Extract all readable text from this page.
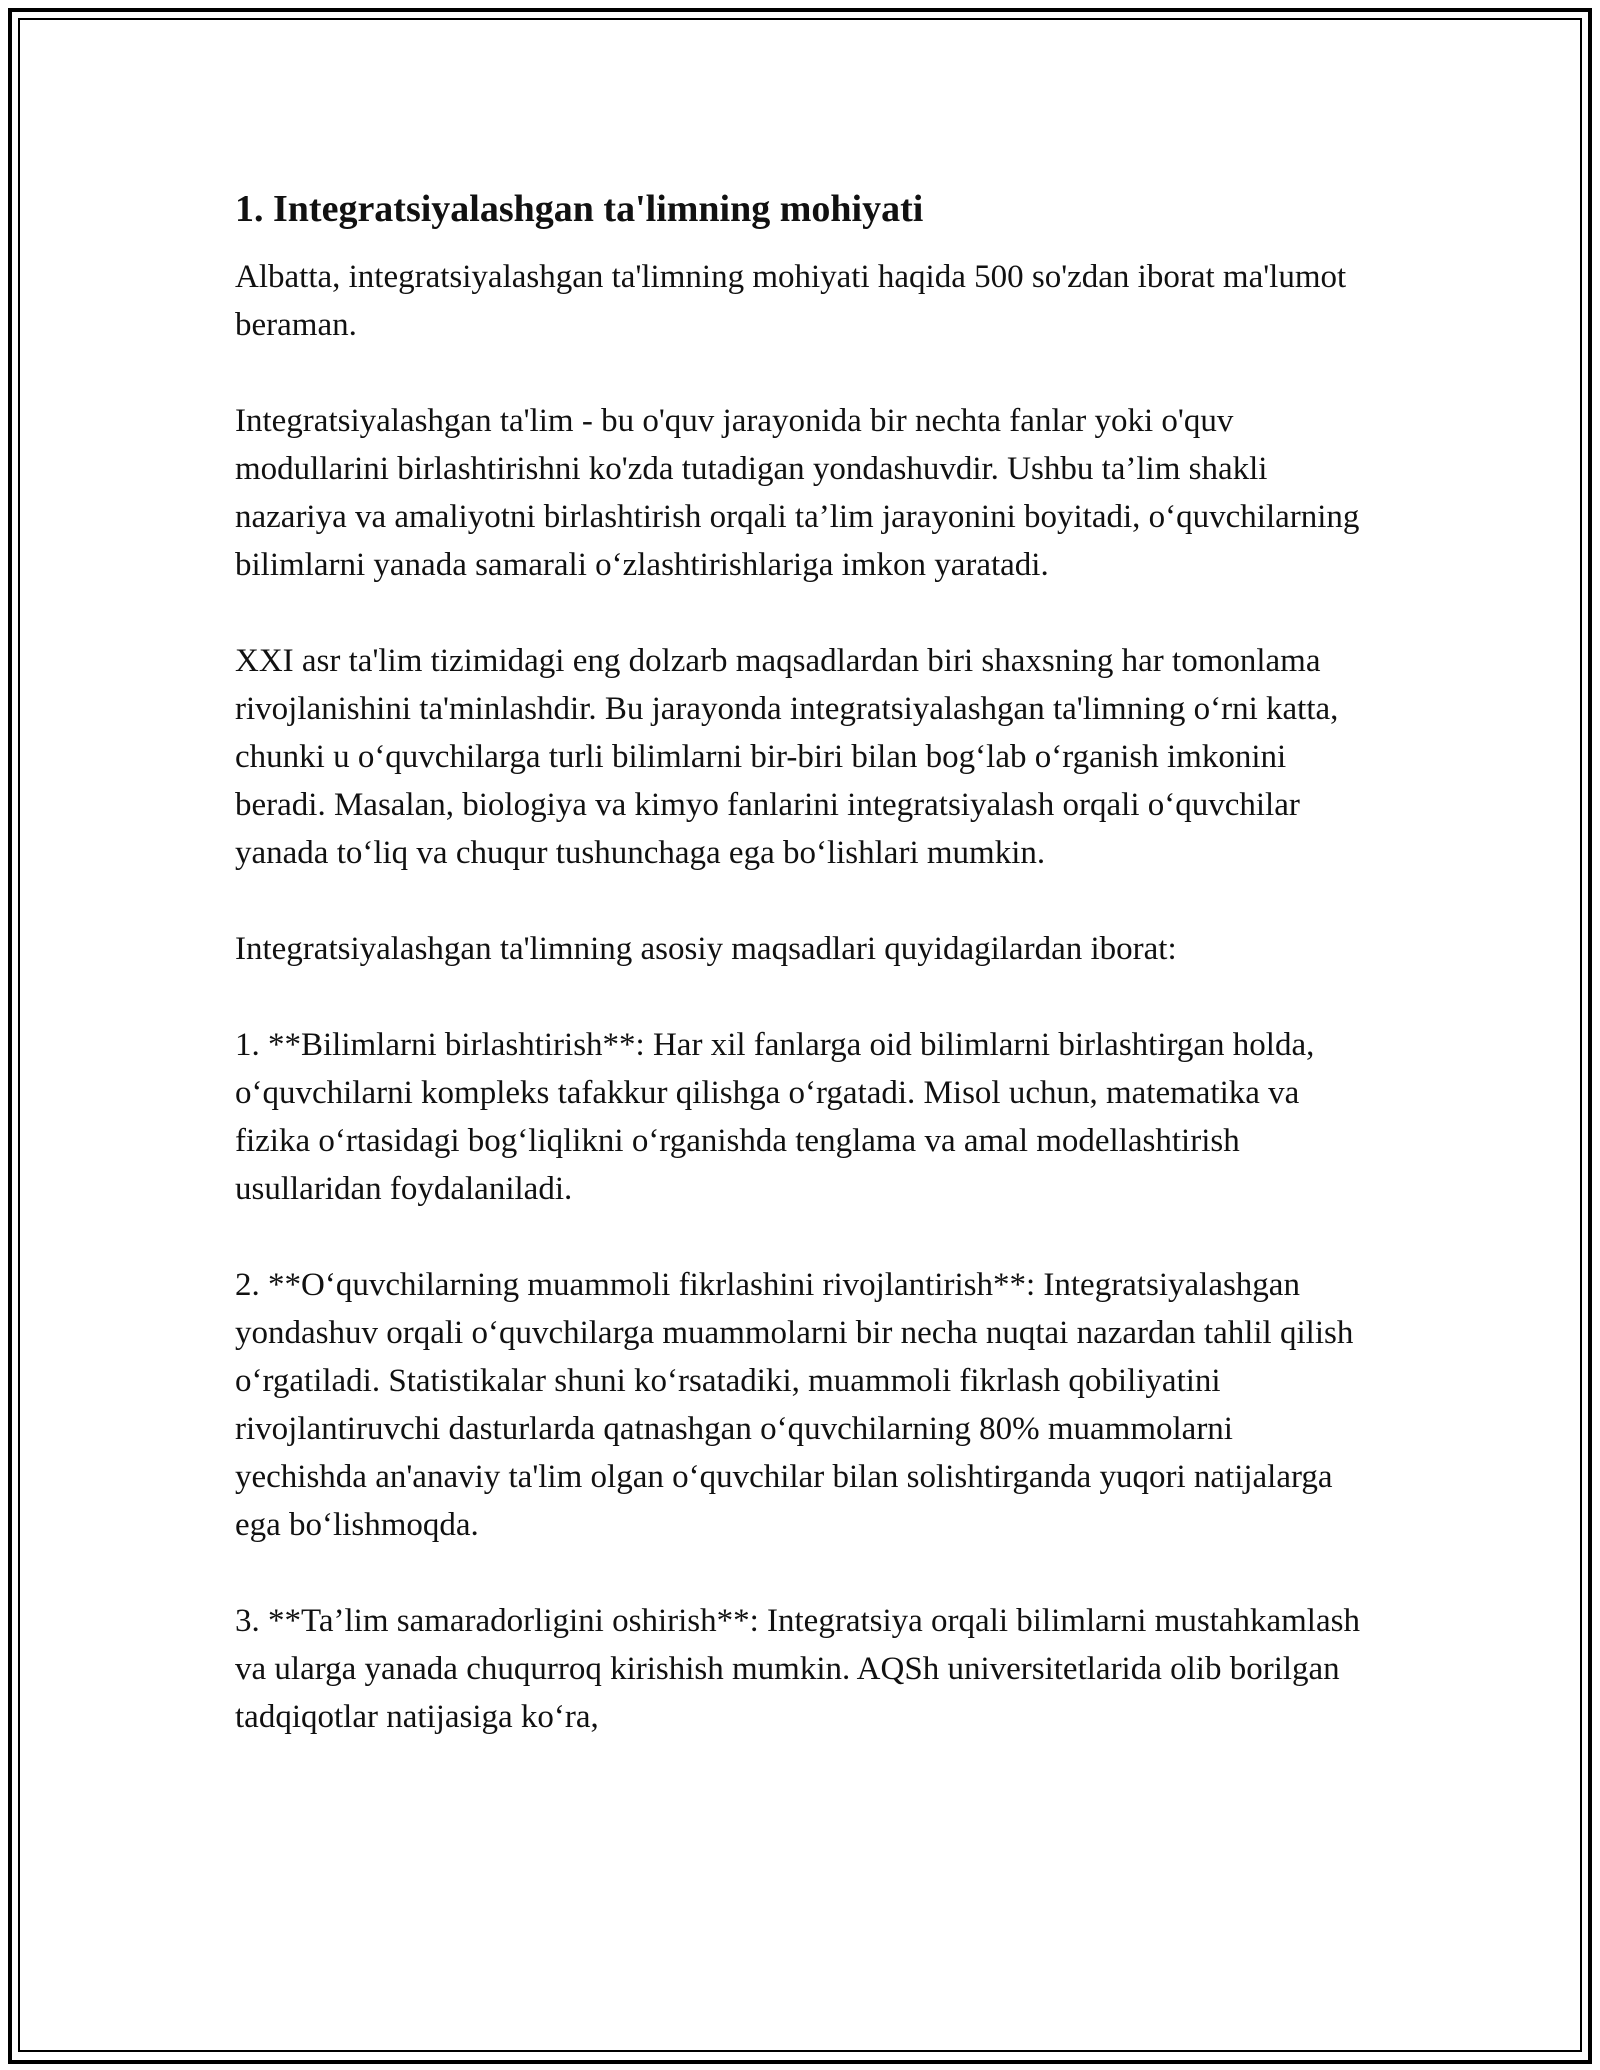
1. Integratsiyalashgan ta'limning mohiyati

Albatta, integratsiyalashgan ta'limning mohiyati haqida 500 so'zdan iborat ma'lumot beraman.

Integratsiyalashgan ta'lim - bu o'quv jarayonida bir nechta fanlar yoki o'quv modullarini birlashtirishni ko'zda tutadigan yondashuvdir. Ushbu ta’lim shakli nazariya va amaliyotni birlashtirish orqali ta’lim jarayonini boyitadi, o‘quvchilarning bilimlarni yanada samarali o‘zlashtirishlariga imkon yaratadi.

XXI asr ta'lim tizimidagi eng dolzarb maqsadlardan biri shaxsning har tomonlama rivojlanishini ta'minlashdir. Bu jarayonda integratsiyalashgan ta'limning o‘rni katta, chunki u o‘quvchilarga turli bilimlarni bir-biri bilan bog‘lab o‘rganish imkonini beradi. Masalan, biologiya va kimyo fanlarini integratsiyalash orqali o‘quvchilar yanada to‘liq va chuqur tushunchaga ega bo‘lishlari mumkin.

Integratsiyalashgan ta'limning asosiy maqsadlari quyidagilardan iborat:

1. **Bilimlarni birlashtirish**: Har xil fanlarga oid bilimlarni birlashtirgan holda, o‘quvchilarni kompleks tafakkur qilishga o‘rgatadi. Misol uchun, matematika va fizika o‘rtasidagi bog‘liqlikni o‘rganishda tenglama va amal modellashtirish usullaridan foydalaniladi.

2. **O‘quvchilarning muammoli fikrlashini rivojlantirish**: Integratsiyalashgan yondashuv orqali o‘quvchilarga muammolarni bir necha nuqtai nazardan tahlil qilish o‘rgatiladi. Statistikalar shuni ko‘rsatadiki, muammoli fikrlash qobiliyatini rivojlantiruvchi dasturlarda qatnashgan o‘quvchilarning 80% muammolarni yechishda an'anaviy ta'lim olgan o‘quvchilar bilan solishtirganda yuqori natijalarga ega bo‘lishmoqda.

3. **Ta’lim samaradorligini oshirish**: Integratsiya orqali bilimlarni mustahkamlash va ularga yanada chuqurroq kirishish mumkin. AQSh universitetlarida olib borilgan tadqiqotlar natijasiga ko‘ra,
